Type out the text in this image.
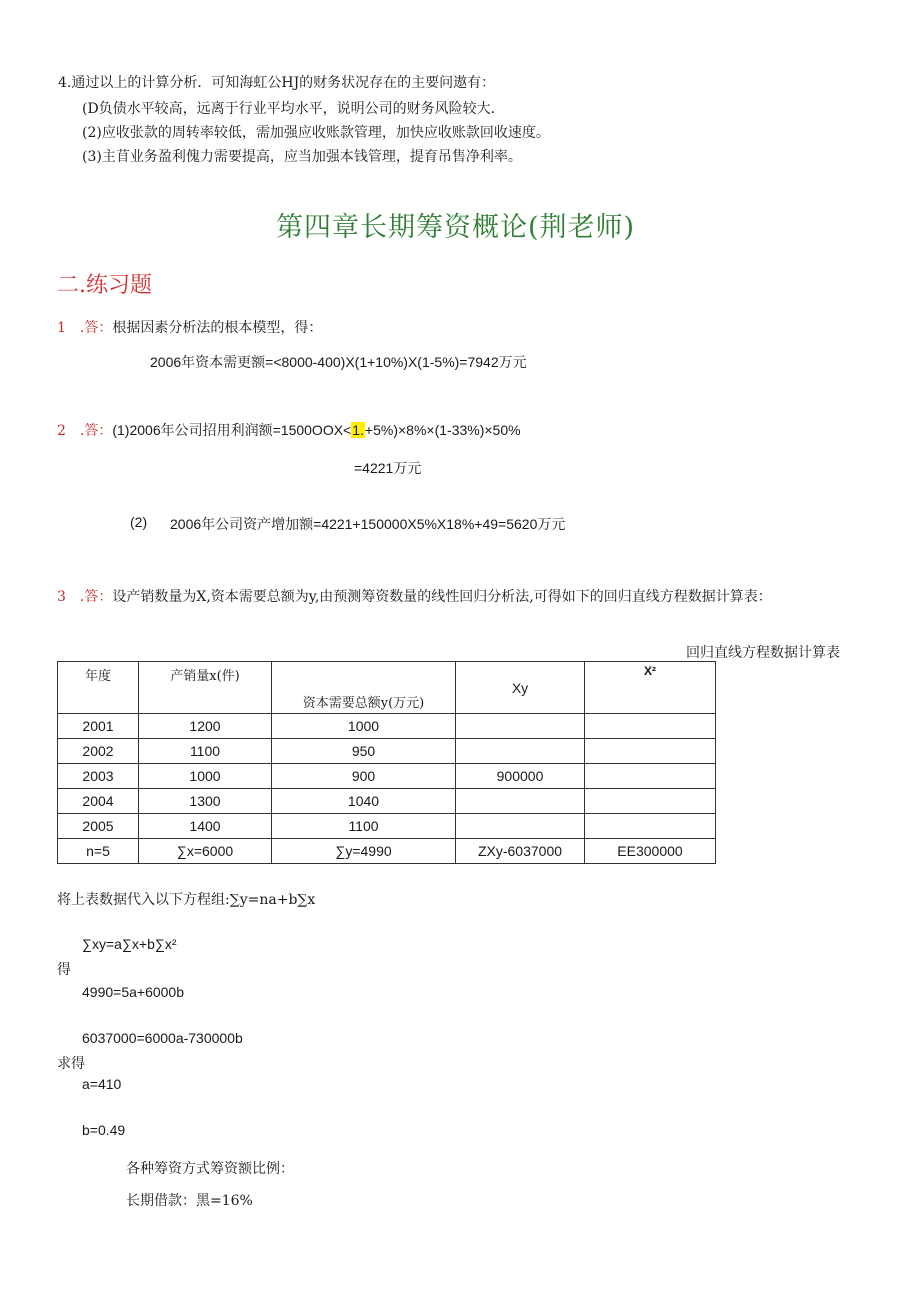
4.通过以上的计算分析．可知海虹公HJ的财务状况存在的主要问遨有：
(D负债水平较高，远离于行业平均水平，说明公司的财务风险较大.
(2)应收张款的周转率较低，需加强应收账款管理，加快应收账款回收速度。
(3)主苜业务盈利傀力需要提高，应当加强本钱管理，提育吊售净利率。
第四章长期筹资概论(荆老师)
二.练习题
1　.答：根据因素分析法的根本模型，得：
2006年资本需更额=<8000-400)X(1+10%)X(1-5%)=7942万元
2　.答：(1)2006年公司招用利润额=1500OOX<1.+5%)×8%×(1-33%)×50%
=4221万元
(2) 2006年公司资产增加额=4221+150000X5%X18%+49=5620万元
3　.答：设产销数量为X,资本需要总额为y,由预测筹资数量的线性回归分析法,可得如下的回归直线方程数据计算表：
回归直线方程数据计算表
年度	产销量x(件)	资本需要总额y(万元)	Xy	X²
2001	1200	1000		
2002	1100	950		
2003	1000	900	900000	
2004	1300	1040		
2005	1400	1100		
n=5	∑x=6000	∑y=4990	ZXy-6037000	EE300000
将上表数据代入以下方程组:∑y=na+b∑x
∑xy=a∑x+b∑x²
得
4990=5a+6000b
6037000=6000a-730000b
求得
a=410
b=0.49
各种筹资方式筹资额比例：
长期借款：黑=16%
